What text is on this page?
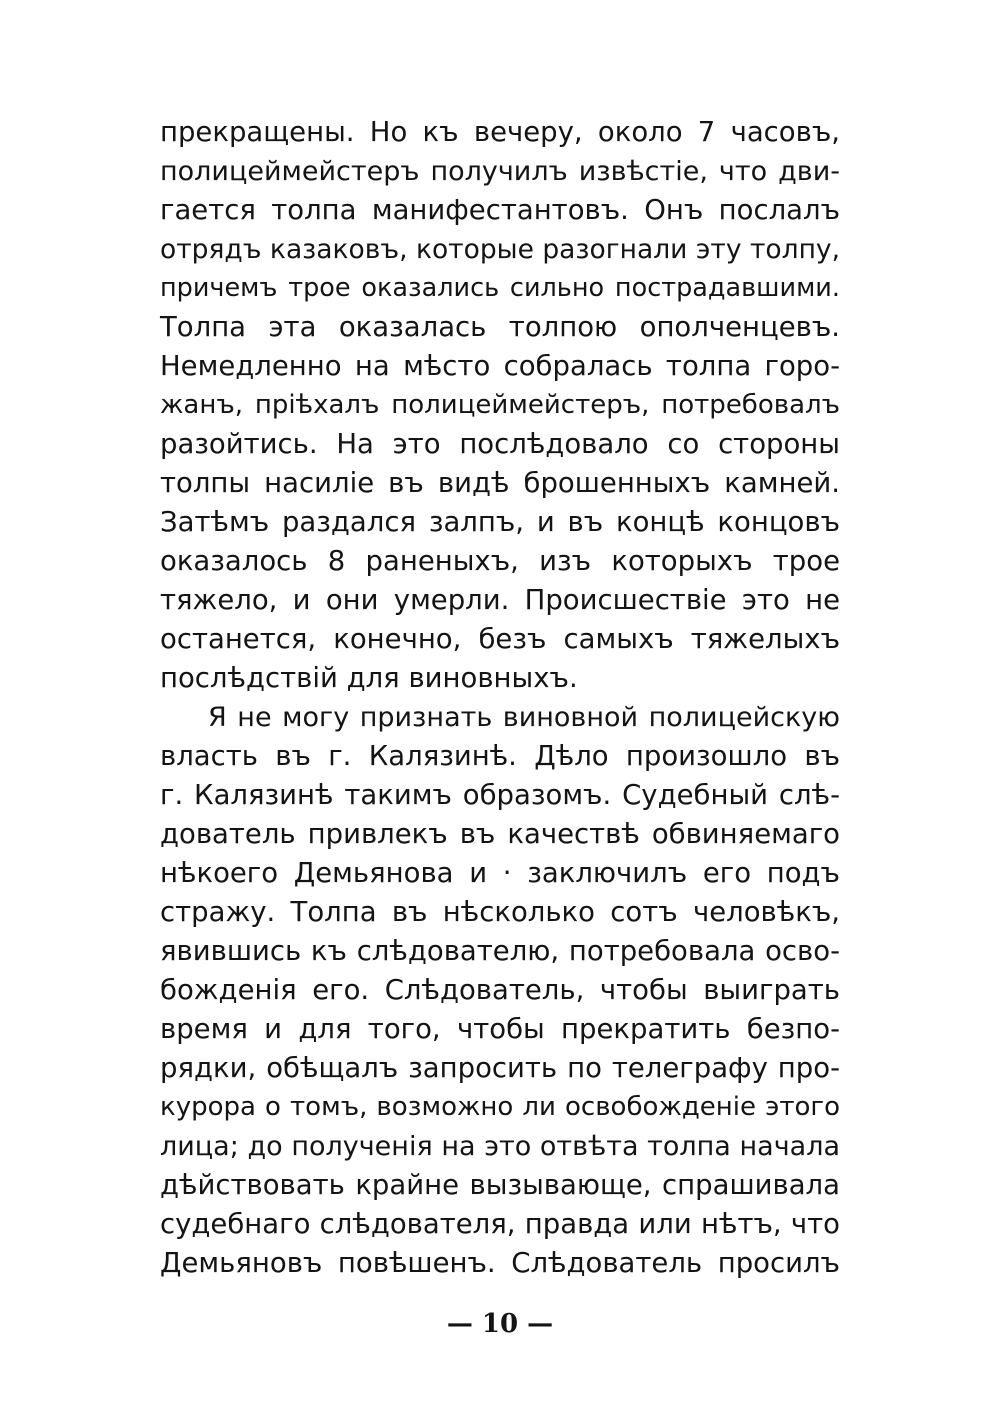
прекращены. Но къ вечеру, около 7 часовъ,
полицеймейстеръ получилъ извѣстіе, что дви-
гается толпа манифестантовъ. Онъ послалъ
отрядъ казаковъ, которые разогнали эту толпу,
причемъ трое оказались сильно пострадавшими.
Толпа эта оказалась толпою ополченцевъ.
Немедленно на мѣсто собралась толпа горо-
жанъ, пріѣхалъ полицеймейстеръ, потребовалъ
разойтись. На это послѣдовало со стороны
толпы насиліе въ видѣ брошенныхъ камней.
Затѣмъ раздался залпъ, и въ концѣ концовъ
оказалось 8 раненыхъ, изъ которыхъ трое
тяжело, и они умерли. Происшествіе это не
останется, конечно, безъ самыхъ тяжелыхъ
послѣдствій для виновныхъ.
Я не могу признать виновной полицейскую
власть въ г. Калязинѣ. Дѣло произошло въ
г. Калязинѣ такимъ образомъ. Судебный слѣ-
дователь привлекъ въ качествѣ обвиняемаго
нѣкоего Демьянова и · заключилъ его подъ
стражу. Толпа въ нѣсколько сотъ человѣкъ,
явившись къ слѣдователю, потребовала осво-
божденія его. Слѣдователь, чтобы выиграть
время и для того, чтобы прекратить безпо-
рядки, обѣщалъ запросить по телеграфу про-
курора о томъ, возможно ли освобожденіе этого
лица; до полученія на это отвѣта толпа начала
дѣйствовать крайне вызывающе, спрашивала
судебнаго слѣдователя, правда или нѣтъ, что
Демьяновъ повѣшенъ. Слѣдователь просилъ
— 10 —
